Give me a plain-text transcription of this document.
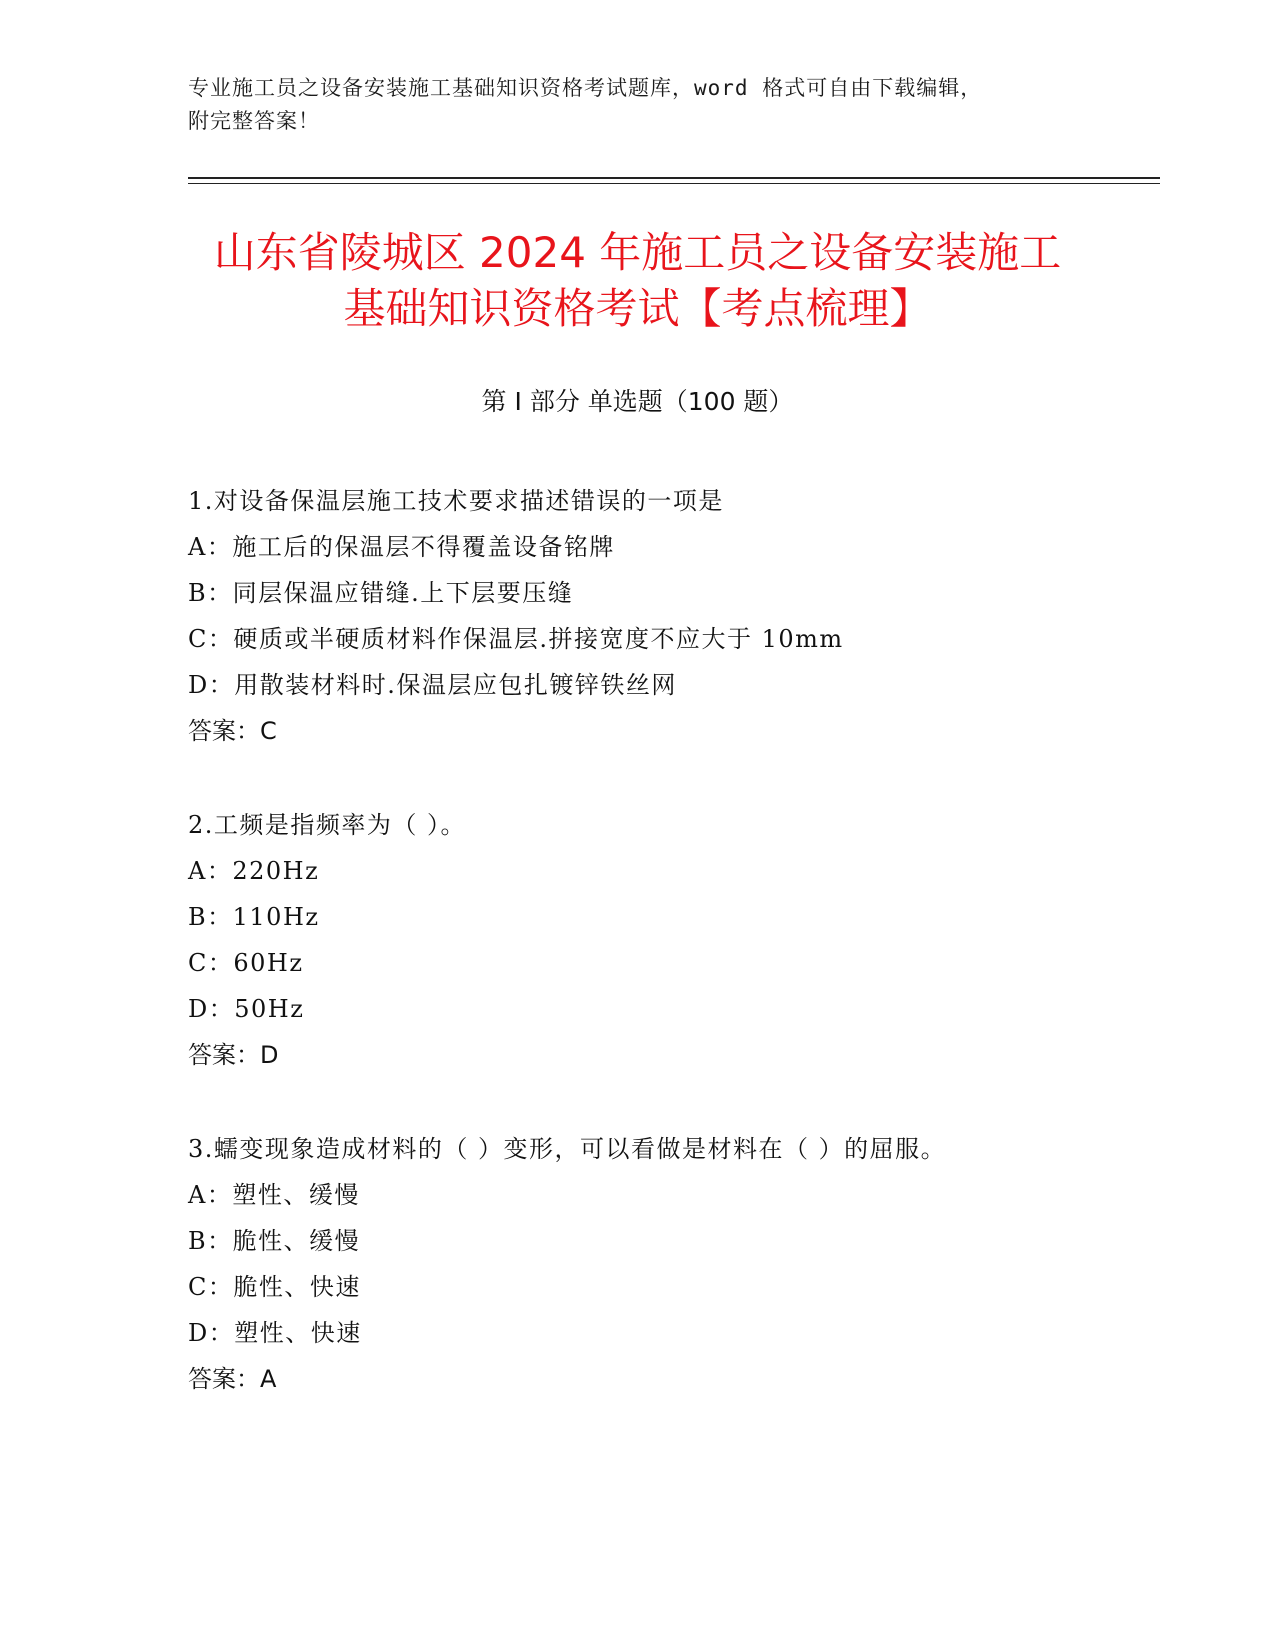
专业施工员之设备安装施工基础知识资格考试题库，word 格式可自由下载编辑，
附完整答案！
山东省陵城区 2024 年施工员之设备安装施工
基础知识资格考试【考点梳理】
第 I 部分 单选题（100 题）
1.对设备保温层施工技术要求描述错误的一项是
A：施工后的保温层不得覆盖设备铭牌
B：同层保温应错缝.上下层要压缝
C：硬质或半硬质材料作保温层.拼接宽度不应大于 10mm
D：用散装材料时.保温层应包扎镀锌铁丝网
答案：C
2.工频是指频率为（ ）。
A：220Hz
B：110Hz
C：60Hz
D：50Hz
答案：D
3.蠕变现象造成材料的（ ）变形，可以看做是材料在（ ）的屈服。
A：塑性、缓慢
B：脆性、缓慢
C：脆性、快速
D：塑性、快速
答案：A
